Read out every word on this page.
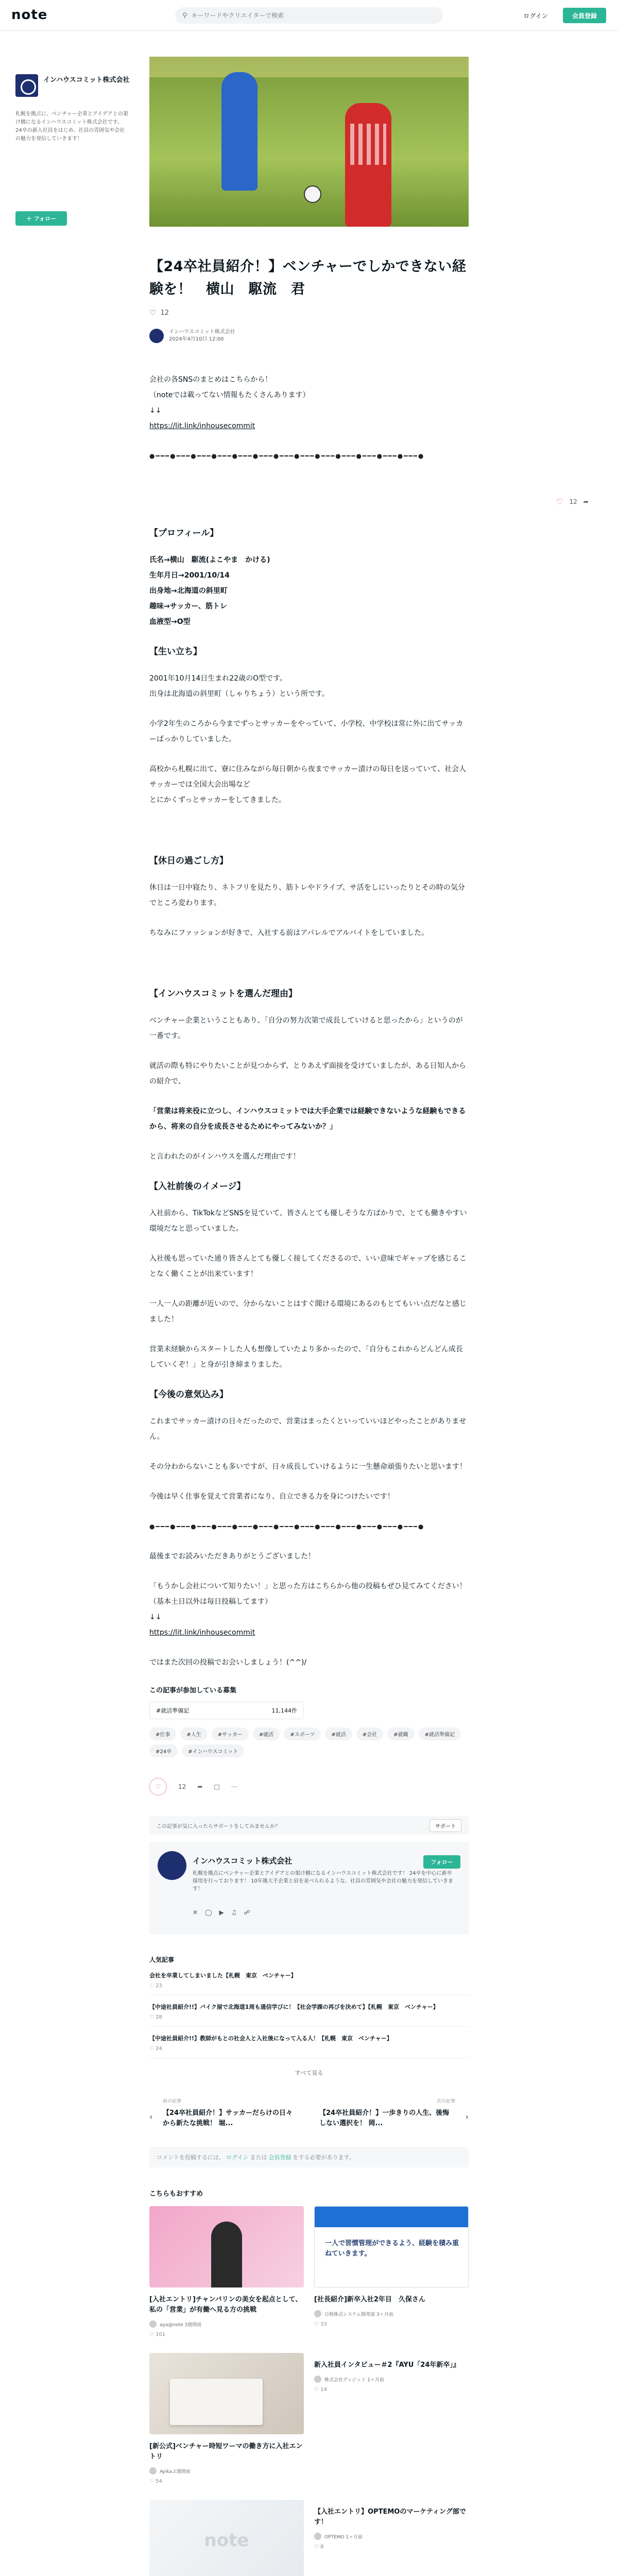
note	⚲
キーワードやクリエイターで検索	ログイン	会員登録
インハウスコミット株式会社
札幌を拠点に、ベンチャー企業とアイデアとの架け橋になるインハウスコミット株式会社です。24卒の新入社員をはじめ、社員の雰囲気や会社の魅力を発信していきます！
＋ フォロー
♡ 12 ➦
【24卒社員紹介！】ベンチャーでしかできない経験を！　横山　駆流　君
♡ 12
インハウスコミット株式会社
2024年4月10日 12:00

会社の各SNSのまとめはこちらから！
（noteでは載ってない情報もたくさんあります）
↓↓
https://lit.link/inhousecommit

●━━━●━━━●━━━●━━━●━━━●━━━●━━━●━━━●━━━●━━━●━━━●━━━●━━━●
【プロフィール】

氏名→横山　駆流(よこやま　かける)
生年月日→2001/10/14
出身地→北海道の斜里町
趣味→サッカー、筋トレ
血液型→O型

【生い立ち】

2001年10月14日生まれ22歳のO型です。
出身は北海道の斜里町（しゃりちょう）という所です。

小学2年生のころから今までずっとサッカーをやっていて、小学校、中学校は常に外に出てサッカーばっかりしていました。

高校から札幌に出て、寮に住みながら毎日朝から夜までサッカー漬けの毎日を送っていて、社会人サッカーでは全国大会出場など
とにかくずっとサッカーをしてきました。

【休日の過ごし方】

休日は一日中寝たり、ネトフリを見たり、筋トレやドライブ、サ活をしにいったりとその時の気分でところ変わります。

ちなみにファッションが好きで、入社する前はアパレルでアルバイトをしていました。

【インハウスコミットを選んだ理由】

ベンチャー企業ということもあり、「自分の努力次第で成長していけると思ったから」というのが一番です。

就活の際も特にやりたいことが見つからず、とりあえず面接を受けていましたが、ある日知人からの紹介で、

「営業は将来役に立つし、インハウスコミットでは大手企業では経験できないような経験もできるから、将来の自分を成長させるためにやってみないか？」

と言われたのがインハウスを選んだ理由です！

【入社前後のイメージ】

入社前から、TikTokなどSNSを見ていて、皆さんとても優しそうな方ばかりで、とても働きやすい環境だなと思っていました。

入社後も思っていた通り皆さんとても優しく接してくださるので、いい意味でギャップを感じることなく働くことが出来ています！

一人一人の距離が近いので、分からないことはすぐ聞ける環境にあるのもとてもいい点だなと感じました！

営業未経験からスタートした人も想像していたより多かったので、「自分もこれからどんどん成長していくぞ！」と身が引き締まりました。

【今後の意気込み】

これまでサッカー漬けの日々だったので、営業はまったくといっていいほどやったことがありません。

その分わからないことも多いですが、日々成長していけるように一生懸命頑張りたいと思います！

今後は早く仕事を覚えて営業者になり、自立できる力を身につけたいです！

●━━━●━━━●━━━●━━━●━━━●━━━●━━━●━━━●━━━●━━━●━━━●━━━●━━━●

最後までお読みいただきありがとうございました！

「もうかし会社について知りたい！」と思った方はこちらから他の投稿もぜひ見てみてください！（基本土日以外は毎日投稿してます）
↓↓
https://lit.link/inhousecommit

ではまた次回の投稿でお会いしましょう！(^^)/

この記事が参加している募集
#就活準備記	11,144件
#仕事	#人生	#サッカー	#就活	#スポーツ	#就活	#会社	#就職	#就活準備記
#24卒	#インハウスコミット
♡	12 ➦ □ ⋯
この記事が気に入ったらサポートをしてみませんか？	サポート
インハウスコミット株式会社
札幌を拠点にベンチャー企業とアイデアとの架け橋になるインハウスコミット株式会社です！ 24卒を中心に新卒採用を行っております！ 10年後大手企業と肩を並べられるような、社員の雰囲気や会社の魅力を発信していきます！
フォロー
✕ ◯ ▶ ♫ ☍
人気記事
会社を卒業してしまいました【札幌　東京　ベンチャー】
♡ 23
【中途社員紹介!!】バイク屋で北海道1周も通信学びに！【社会学課の再びを決めて】【札幌　東京　ベンチャー】
♡ 28
【中途社員紹介!!】教師がもとの社会人と入社後になって入る人！【札幌　東京　ベンチャー】
♡ 24
すべて見る
‹
前の記事
【24卒社員紹介！】サッカーだらけの日々から新たな挑戦！ 堀...
›
次の記事
【24卒社員紹介！】一歩きりの人生、後悔しない選択を！ 岡...
コメントを投稿するには、 ログイン または 会員登録 をする必要があります。
こちらもおすすめ
[入社エントリ]チャンバリンの美女を起点として、私の「営業」が有働へ見る方の挑戦
aya@note 3週間前
♡ 101
一人で習慣管理ができるよう、経験を積み重ねていきます。
[社長紹介]新卒入社2年目　久保さん
日税株式システム開発部 3ヶ月前
♡ 33
[新公式]ベンチャー時短ワーマの働き方に入社エントリ
Ayikaぷ週間前
♡ 54
新入社員インタビュー＃2『AYU「24年新卒」』
株式会社ディジット 1ヶ月前
♡ 14
note
【入社エントリ】OPTEMOのマーケティング部です！
OPTEMO 1ヶ月前
♡ 8
